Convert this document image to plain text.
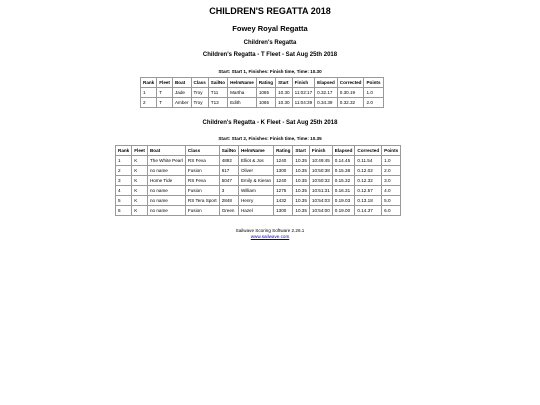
CHILDREN'S REGATTA 2018
Fowey Royal Regatta
Children's Regatta
Children's Regatta - T Fleet - Sat Aug 25th 2018
Start: Start 1, Finishes: Finish time, Time: 10.30
Rank	Fleet	Boat	Class	SailNo	HelmName	Rating	Start	Finish	Elapsed	Corrected	Points
1	T	Jade	Troy	T11	Martha	1065	10.30	11:02:17	0.32.17	0.30.19	1.0
2	T	Amber	Troy	T13	Edith	1065	10.30	11:04:39	0.34.39	0.32.32	2.0
Children's Regatta - K Fleet - Sat Aug 25th 2018
Start: Start 2, Finishes: Finish time, Time: 10.35
Rank	Fleet	Boat	Class	SailNo	HelmName	Rating	Start	Finish	Elapsed	Corrected	Points
1	K	The White Pearl	RS Feva	4892	Elliot & Jos	1240	10.35	10:49:45	0.14.45	0.11.54	1.0
2	K	no name	Fusion	617	Oliver	1300	10.35	10:50:38	0.15.38	0.12.02	2.0
3	K	Home Tide	RS Feva	5047	Emily & Kieran	1240	10.35	10:50:32	0.15.32	0.12.32	3.0
4	K	no name	Fusion	3	William	1275	10.35	10:51:31	0.16.31	0.12.57	4.0
5	K	no name	RS Tera Sport	2848	Henry	1432	10.35	10:54:03	0.19.03	0.13.18	5.0
6	K	no name	Fusion	Green	Hazel	1300	10.35	10:54:00	0.19.00	0.14.37	6.0
Sailwave Scoring Software 2.26.1
www.sailwave.com
